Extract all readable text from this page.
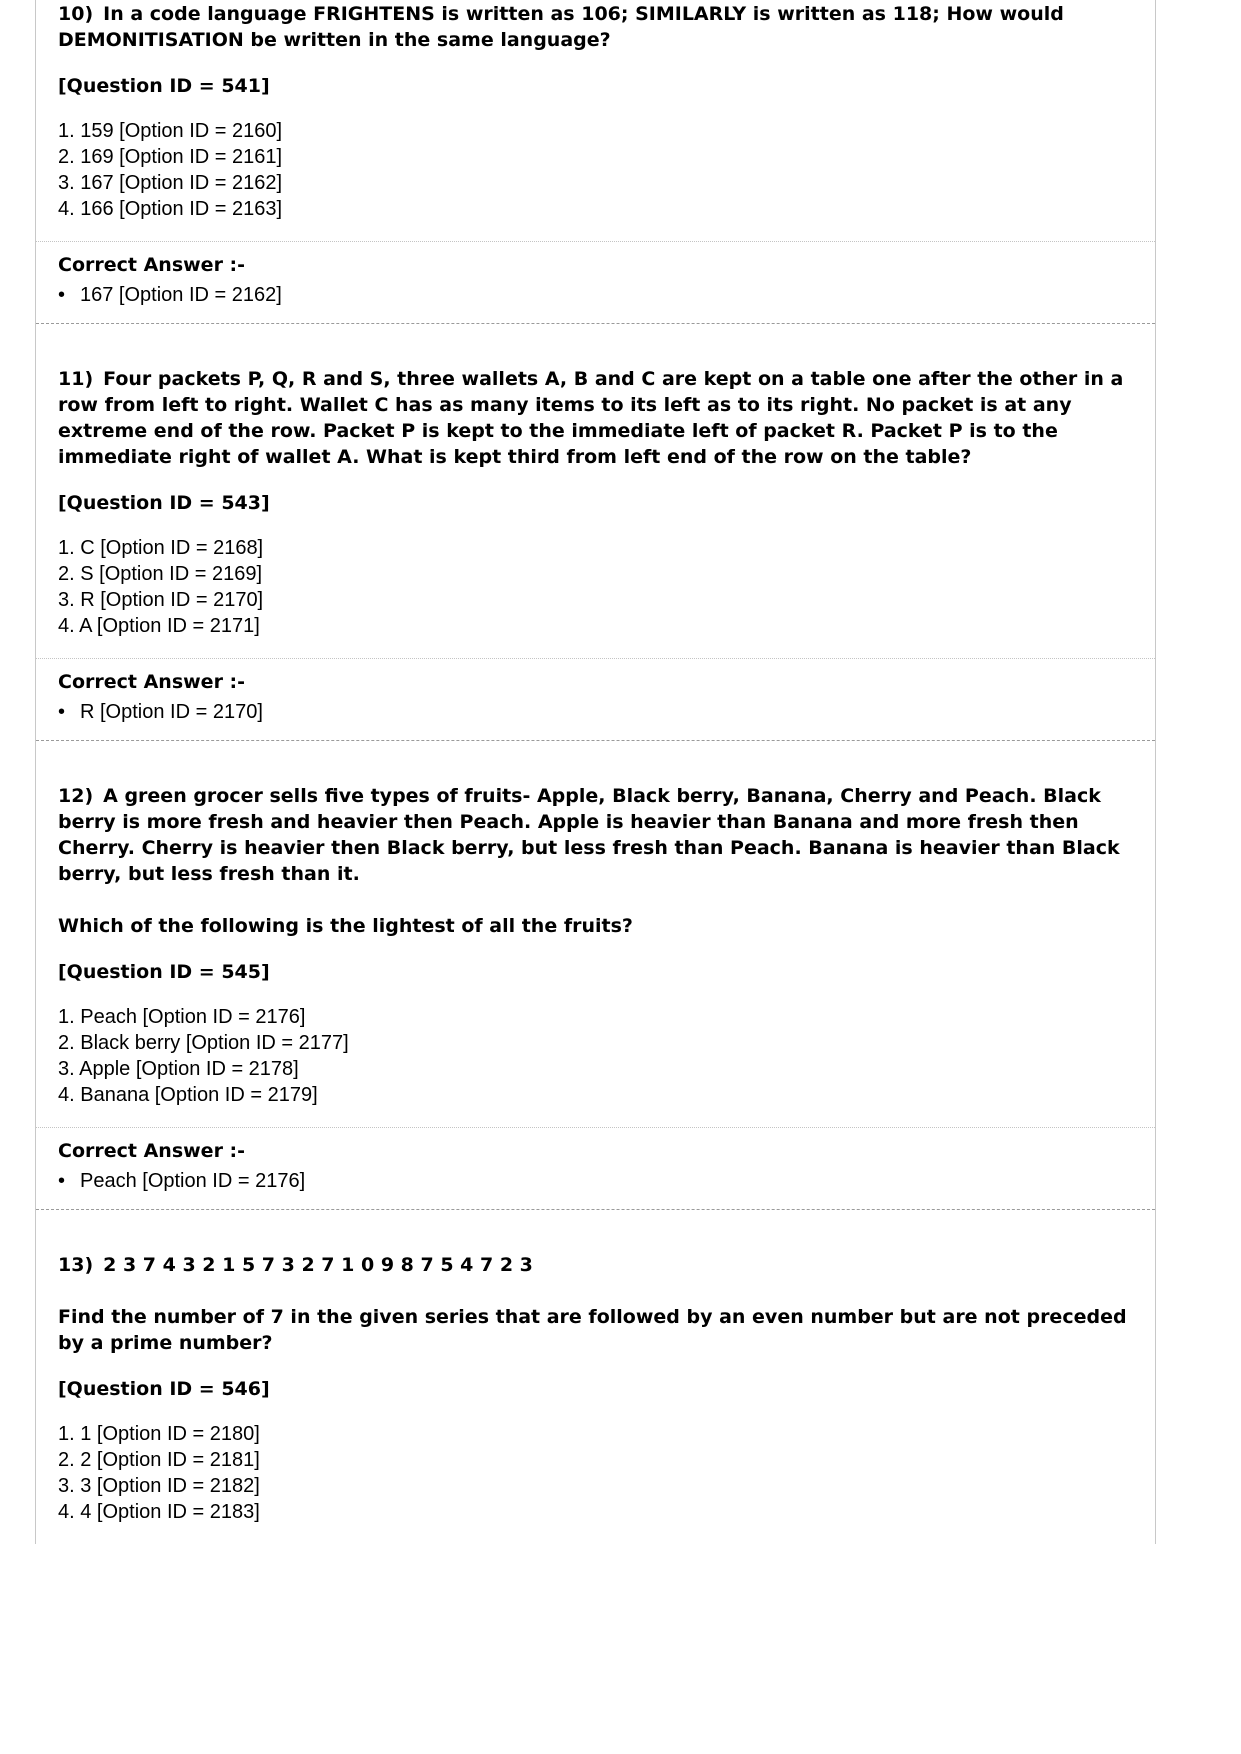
10) In a code language FRIGHTENS is written as 106; SIMILARLY is written as 118; How would DEMONITISATION be written in the same language?

[Question ID = 541]

1. 159 [Option ID = 2160]
2. 169 [Option ID = 2161]
3. 167 [Option ID = 2162]
4. 166 [Option ID = 2163]

Correct Answer :-

• 167 [Option ID = 2162]

11) Four packets P, Q, R and S, three wallets A, B and C are kept on a table one after the other in a row from left to right. Wallet C has as many items to its left as to its right. No packet is at any extreme end of the row. Packet P is kept to the immediate left of packet R. Packet P is to the immediate right of wallet A. What is kept third from left end of the row on the table?

[Question ID = 543]

1. C [Option ID = 2168]
2. S [Option ID = 2169]
3. R [Option ID = 2170]
4. A [Option ID = 2171]

Correct Answer :-

• R [Option ID = 2170]

12) A green grocer sells five types of fruits- Apple, Black berry, Banana, Cherry and Peach. Black berry is more fresh and heavier then Peach. Apple is heavier than Banana and more fresh then Cherry. Cherry is heavier then Black berry, but less fresh than Peach. Banana is heavier than Black berry, but less fresh than it.

Which of the following is the lightest of all the fruits?

[Question ID = 545]

1. Peach [Option ID = 2176]
2. Black berry [Option ID = 2177]
3. Apple [Option ID = 2178]
4. Banana [Option ID = 2179]

Correct Answer :-

• Peach [Option ID = 2176]

13) 2 3 7 4 3 2 1 5 7 3 2 7 1 0 9 8 7 5 4 7 2 3

Find the number of 7 in the given series that are followed by an even number but are not preceded by a prime number?

[Question ID = 546]

1. 1 [Option ID = 2180]
2. 2 [Option ID = 2181]
3. 3 [Option ID = 2182]
4. 4 [Option ID = 2183]
